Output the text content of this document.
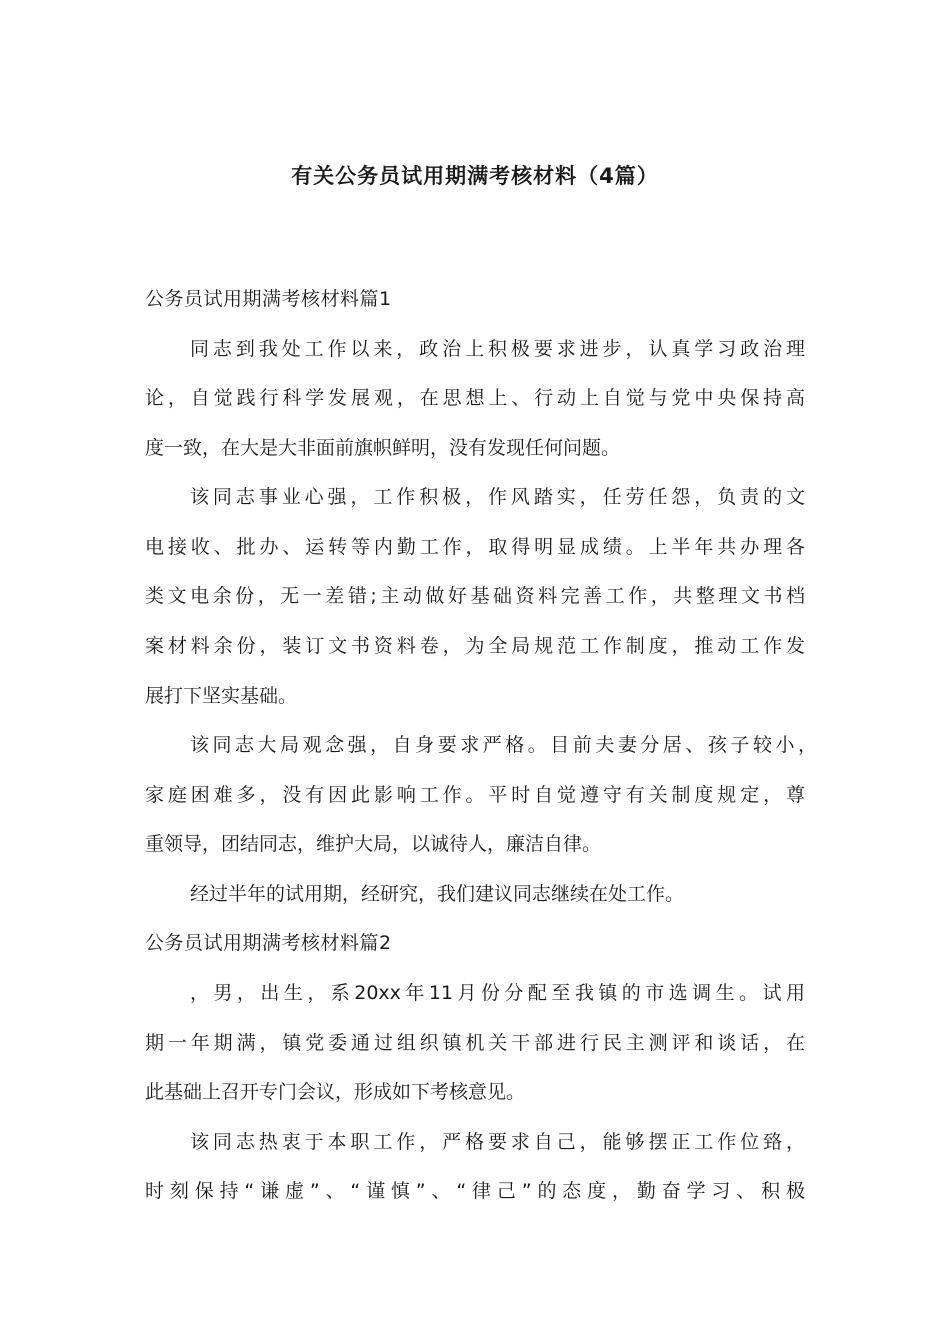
有关公务员试用期满考核材料（4篇）

公务员试用期满考核材料篇1

同志到我处工作以来，政治上积极要求进步，认真学习政治理

论，自觉践行科学发展观，在思想上、行动上自觉与党中央保持高

度一致，在大是大非面前旗帜鲜明，没有发现任何问题。

该同志事业心强，工作积极，作风踏实，任劳任怨，负责的文

电接收、批办、运转等内勤工作，取得明显成绩。上半年共办理各

类文电余份，无一差错;主动做好基础资料完善工作，共整理文书档

案材料余份，装订文书资料卷，为全局规范工作制度，推动工作发

展打下坚实基础。

该同志大局观念强，自身要求严格。目前夫妻分居、孩子较小，

家庭困难多，没有因此影响工作。平时自觉遵守有关制度规定，尊

重领导，团结同志，维护大局，以诚待人，廉洁自律。

经过半年的试用期，经研究，我们建议同志继续在处工作。

公务员试用期满考核材料篇2

，男，出生，系20xx年11月份分配至我镇的市选调生。试用

期一年期满，镇党委通过组织镇机关干部进行民主测评和谈话，在

此基础上召开专门会议，形成如下考核意见。

该同志热衷于本职工作，严格要求自己，能够摆正工作位臵，

时刻保持“谦虚”、“谨慎”、“律己”的态度，勤奋学习、积极
